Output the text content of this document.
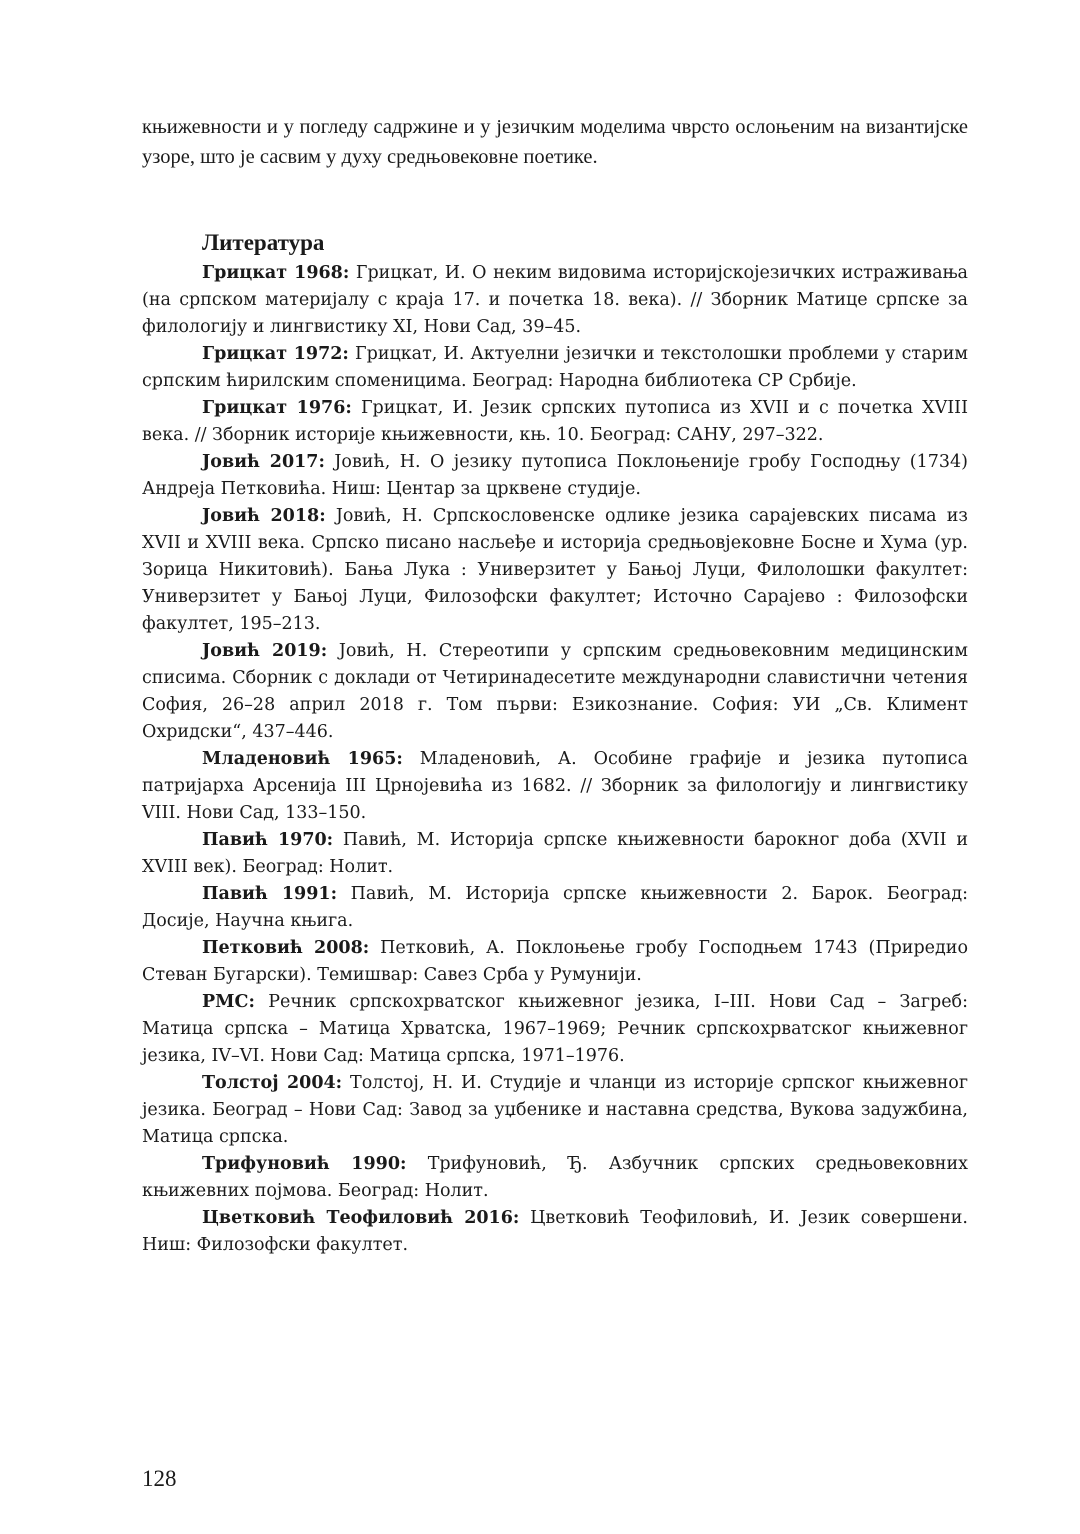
књижевности и у погледу садржине и у језичким моделима чврсто ослоњеним на византијске узоре, што је сасвим у духу средњовековне поетике.

Литература

Грицкат 1968: Грицкат, И. О неким видовима историјскојезичких истраживања (на српском материјалу с краја 17. и почетка 18. века). // Зборник Матице српске за филологију и лингвистику XI, Нови Сад, 39–45.

Грицкат 1972: Грицкат, И. Актуелни језички и текстолошки проблеми у старим српским ћирилским споменицима. Београд: Народна библиотека СР Србије.

Грицкат 1976: Грицкат, И. Језик српских путописа из XVII и с почетка XVIII века. // Зборник историје књижевности, књ. 10. Београд: САНУ, 297–322.

Јовић 2017: Јовић, Н. О језику путописа Поклоњеније гробу Господњу (1734) Андреја Петковића. Ниш: Центар за црквене студије.

Јовић 2018: Јовић, Н. Српскословенске одлике језика сарајевских писама из XVII и XVIII века. Српско писано насљеђе и историја средњовјековне Босне и Хума (ур. Зорица Никитовић). Бања Лука : Универзитет у Бањој Луци, Филолошки факултет: Универзитет у Бањој Луци, Филозофски факултет; Источно Сарајево : Филозофски факултет, 195–213.

Јовић 2019: Јовић, Н. Стереотипи у српским средњовековним медицинским списима. Сборник с доклади от Четиринадесетите международни славистични четения София, 26–28 април 2018 г. Том първи: Езикознание. София: УИ „Св. Климент Охридски“, 437–446.

Младеновић 1965: Младеновић, А. Особине графије и језика путописа патријарха Арсенија III Црнојевића из 1682. // Зборник за филологију и лингвистику VIII. Нови Сад, 133–150.

Павић 1970: Павић, М. Историја српске књижевности барокног доба (XVII и XVIII век). Београд: Нолит.

Павић 1991: Павић, М. Историја српске књижевности 2. Барок. Београд: Досије, Научна књига.

Петковић 2008: Петковић, А. Поклоњење гробу Господњем 1743 (Приредио Стеван Бугарски). Темишвар: Савез Срба у Румунији.

РМС: Речник српскохрватског књижевног језика, I–III. Нови Сад – Загреб: Матица српска – Матица Хрватска, 1967–1969; Речник српскохрватског књижевног језика, IV–VI. Нови Сад: Матица српска, 1971–1976.

Толстој 2004: Толстој, Н. И. Студије и чланци из историје српског књижевног језика. Београд – Нови Сад: Завод за уџбенике и наставна средства, Вукова задужбина, Матица српска.

Трифуновић 1990: Трифуновић, Ђ. Азбучник српских средњовековних књижевних појмова. Београд: Нолит.

Цветковић Теофиловић 2016: Цветковић Теофиловић, И. Језик совершени. Ниш: Филозофски факултет.

128
